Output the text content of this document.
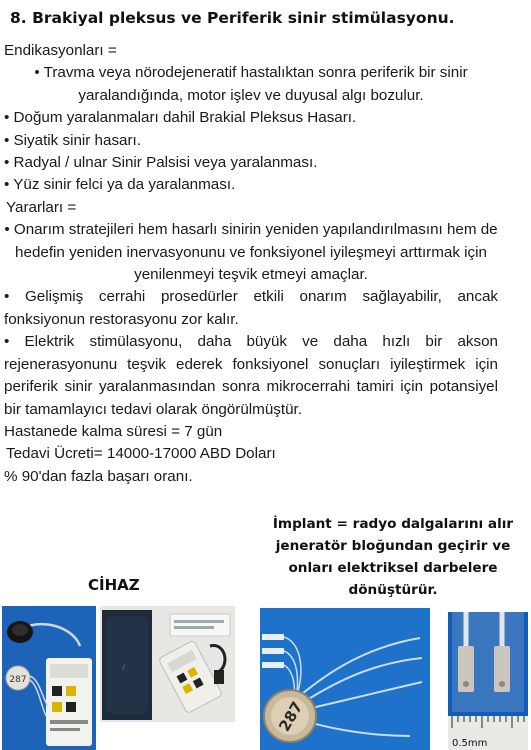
8. Brakiyal pleksus ve Periferik sinir stimülasyonu.

Endikasyonları =

• Travma veya nörodejeneratif hastalıktan sonra periferik bir sinir yaralandığında, motor işlev ve duyusal algı bozulur.

• Doğum yaralanmaları dahil Brakial Pleksus Hasarı.

• Siyatik sinir hasarı.

• Radyal / ulnar Sinir Palsisi veya yaralanması.

• Yüz sinir felci ya da yaralanması.

Yararları =

• Onarım stratejileri hem hasarlı sinirin yeniden yapılandırılmasını hem de hedefin yeniden inervasyonunu ve fonksiyonel iyileşmeyi arttırmak için yenilenmeyi teşvik etmeyi amaçlar.

• Gelişmiş cerrahi prosedürler etkili onarım sağlayabilir, ancak fonksiyonun restorasyonu zor kalır.

• Elektrik stimülasyonu, daha büyük ve daha hızlı bir akson rejenerasyonunu teşvik ederek fonksiyonel sonuçları iyileştirmek için periferik sinir yaralanmasından sonra mikrocerrahi tamiri için potansiyel bir tamamlayıcı tedavi olarak öngörülmüştür.

Hastanede kalma süresi = 7 gün

Tedavi Ücreti= 14000-17000 ABD Doları

% 90'dan fazla başarı oranı.

CİHAZ
İmplant = radyo dalgalarını alır jeneratör bloğundan geçirir ve onları elektriksel darbelere dönüştürür.
287
~
287
0.5mm
